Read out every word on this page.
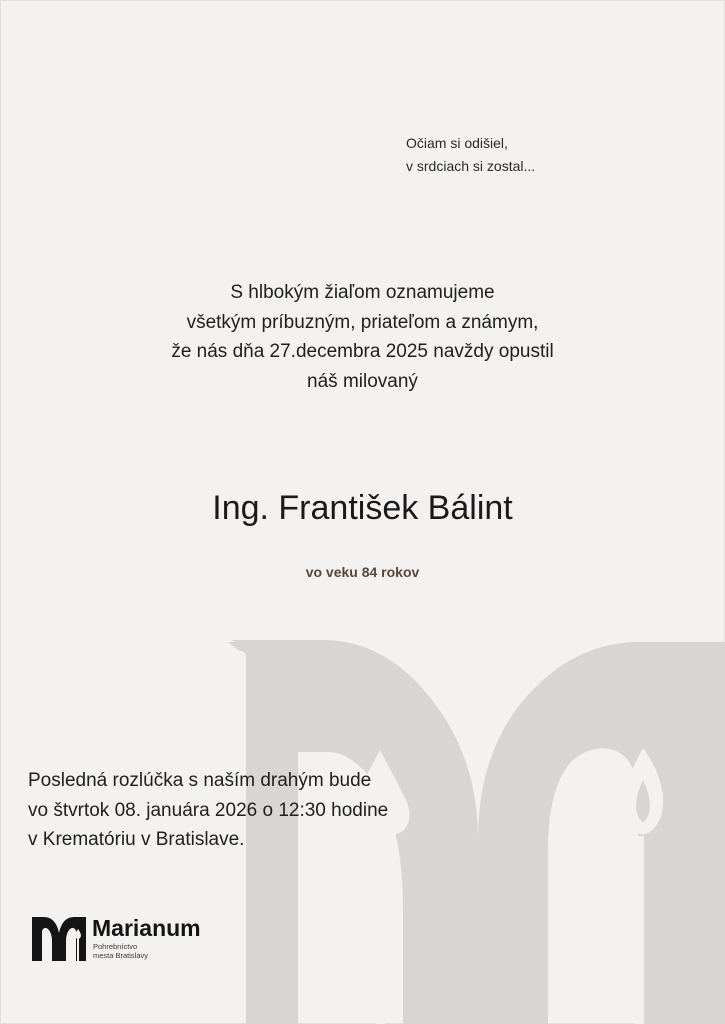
Očiam si odišiel,
v srdciach si zostal...
S hlbokým žiaľom oznamujeme
všetkým príbuzným, priateľom a známym,
že nás dňa 27.decembra 2025 navždy opustil
náš milovaný
Ing. František Bálint
vo veku 84 rokov
Posledná rozlúčka s naším drahým bude
vo štvrtok 08. januára 2026 o 12:30 hodine
v Krematóriu v Bratislave.
Marianum
Pohrebníctvo
mesta Bratislavy
